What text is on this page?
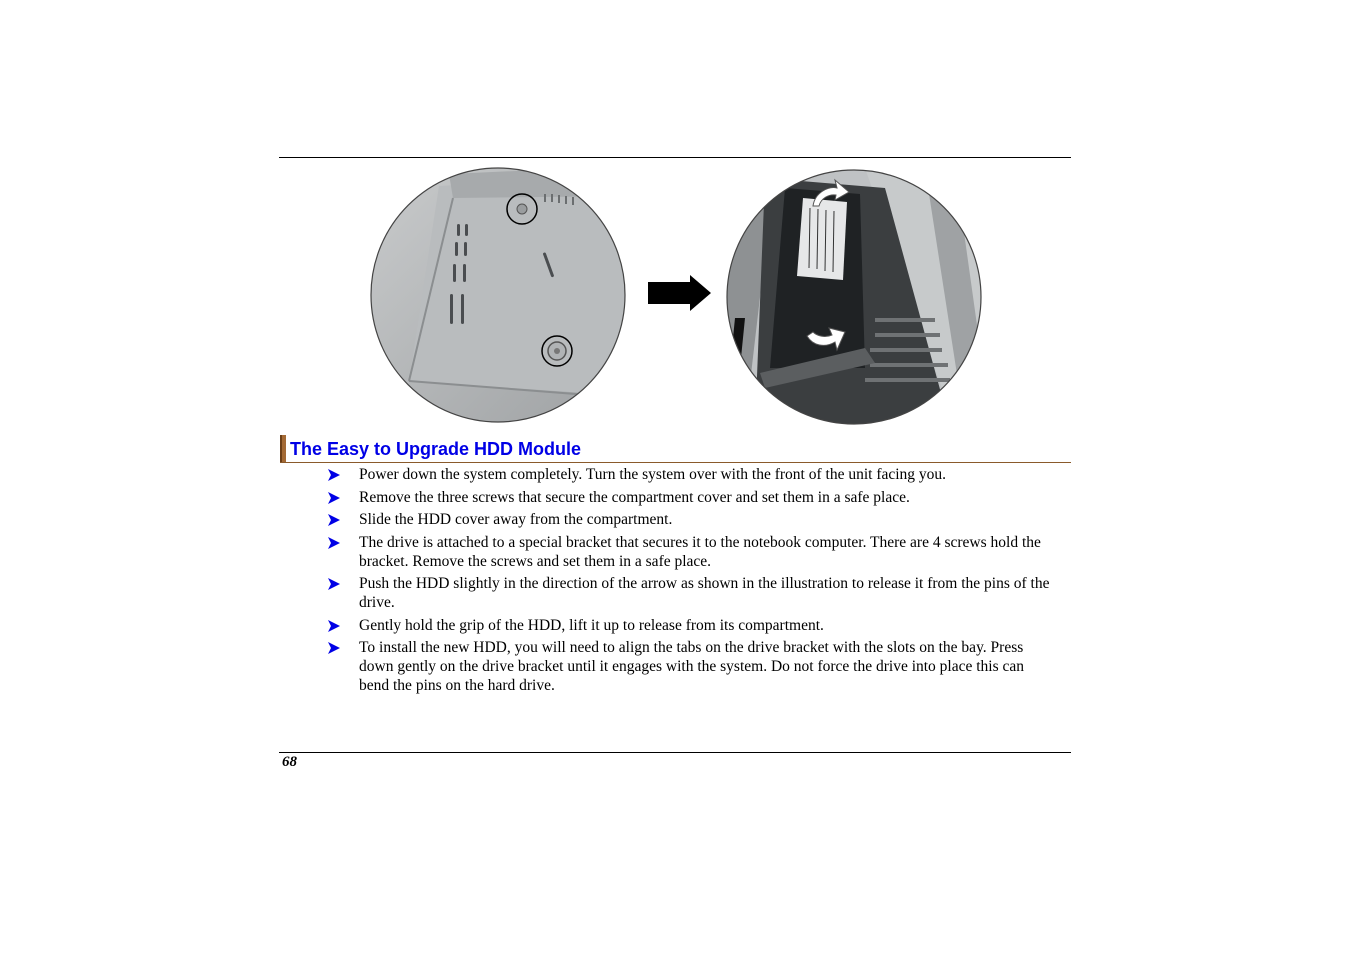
The Easy to Upgrade HDD Module
Power down the system completely. Turn the system over with the front of the unit facing you.
Remove the three screws that secure the compartment cover and set them in a safe place.
Slide the HDD cover away from the compartment.
The drive is attached to a special bracket that secures it to the notebook computer. There are 4 screws hold the bracket. Remove the screws and set them in a safe place.
Push the HDD slightly in the direction of the arrow as shown in the illustration to release it from the pins of the drive.
Gently hold the grip of the HDD, lift it up to release from its compartment.
To install the new HDD, you will need to align the tabs on the drive bracket with the slots on the bay. Press down gently on the drive bracket until it engages with the system. Do not force the drive into place this can bend the pins on the hard drive.
68
